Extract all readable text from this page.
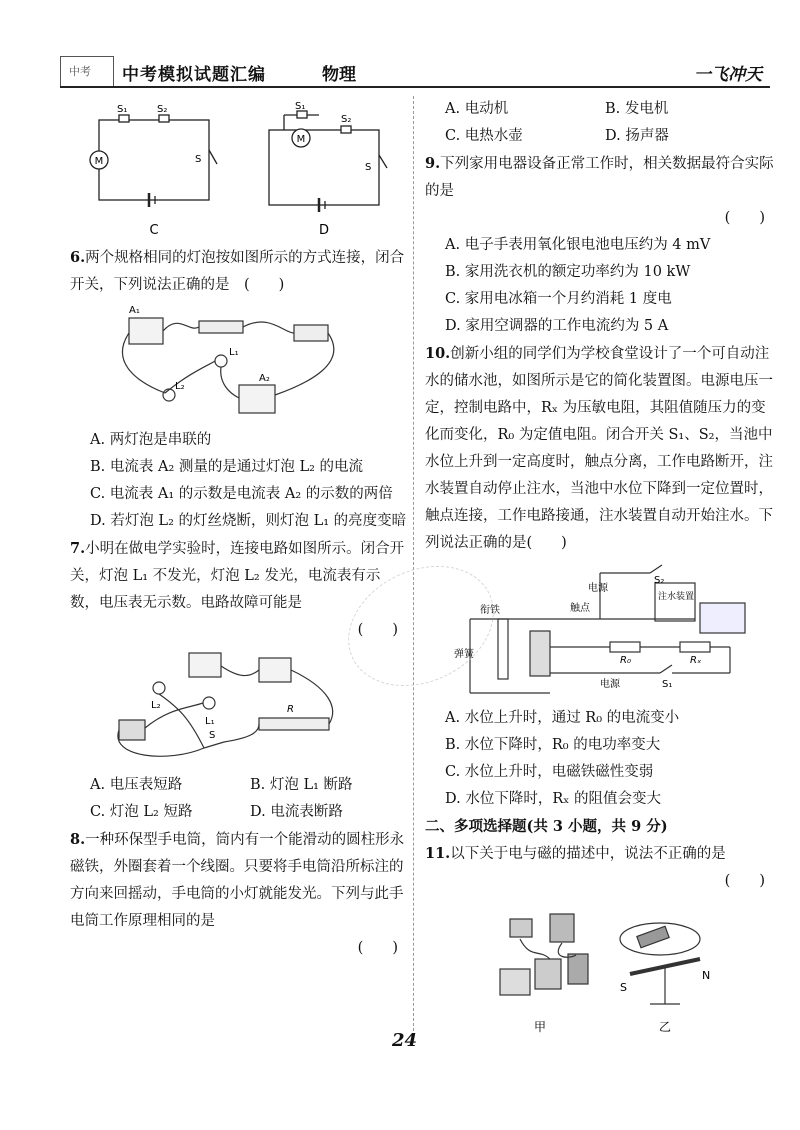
中考 中考模拟试题汇编	物理	一飞冲天
M
S₁	S₂
S
M
S₁
S₂
S
C	D

6.两个规格相同的灯泡按如图所示的方式连接，闭合开关，下列说法正确的是　 (　　)

A₁
A₂
L₁
L₂

A. 两灯泡是串联的

B. 电流表 A₂ 测量的是通过灯泡 L₂ 的电流

C. 电流表 A₁ 的示数是电流表 A₂ 的示数的两倍

D. 若灯泡 L₂ 的灯丝烧断，则灯泡 L₁ 的亮度变暗

7.小明在做电学实验时，连接电路如图所示。闭合开关，灯泡 L₁ 不发光，灯泡 L₂ 发光，电流表有示数，电压表无示数。电路故障可能是

(　　)

L₂
L₁
R
S
A. 电压表短路	B. 灯泡 L₁ 断路
C. 灯泡 L₂ 短路	D. 电流表断路

8.一种环保型手电筒，筒内有一个能滑动的圆柱形永磁铁，外圈套着一个线圈。只要将手电筒沿所标注的方向来回摇动，手电筒的小灯就能发光。下列与此手电筒工作原理相同的是

(　　)

A. 电动机	B. 发电机
C. 电热水壶	D. 扬声器

9.下列家用电器设备正常工作时，相关数据最符合实际的是

(　　)

A. 电子手表用氧化银电池电压约为 4 mV

B. 家用洗衣机的额定功率约为 10 kW

C. 家用电冰箱一个月约消耗 1 度电

D. 家用空调器的工作电流约为 5 A

10.创新小组的同学们为学校食堂设计了一个可自动注水的储水池，如图所示是它的简化装置图。电源电压一定，控制电路中，Rₓ 为压敏电阻，其阻值随压力的变化而变化，R₀ 为定值电阻。闭合开关 S₁、S₂，当池中水位上升到一定高度时，触点分离，工作电路断开，注水装置自动停止注水，当池中水位下降到一定位置时，触点连接，工作电路接通，注水装置自动开始注水。下列说法正确的是(　　)

电源
S₂
注水装置
衔铁	触点
弹簧
R₀	Rₓ
电源	S₁

A. 水位上升时，通过 R₀ 的电流变小

B. 水位下降时，R₀ 的电功率变大

C. 水位上升时，电磁铁磁性变弱

D. 水位下降时，Rₓ 的阻值会变大

二、多项选择题(共 3 小题，共 9 分)

11.以下关于电与磁的描述中，说法不正确的是

(　　)

S
N
甲	乙
24
